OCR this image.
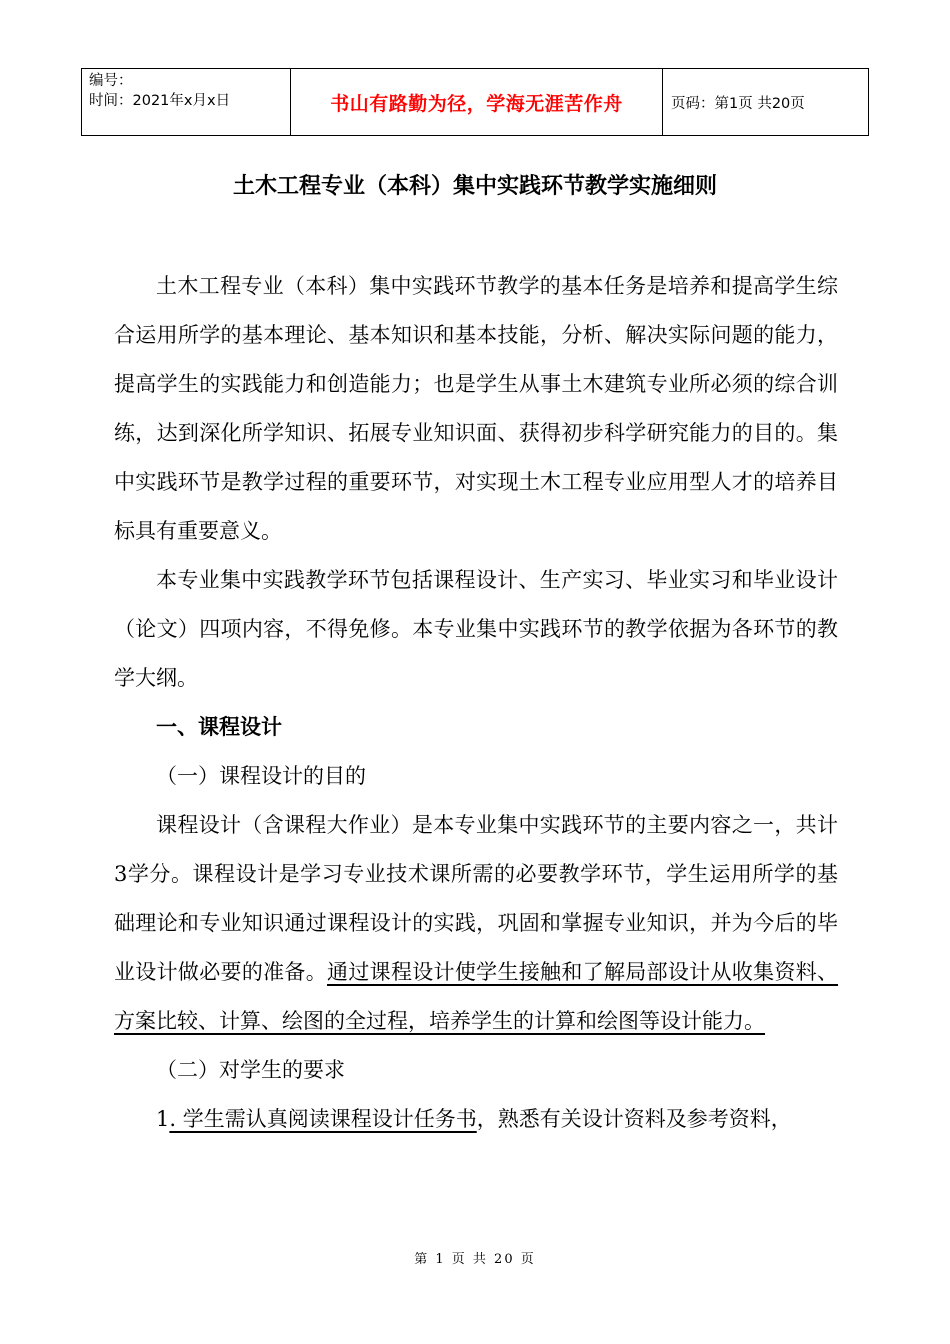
编号：
时间：2021年x月x日	书山有路勤为径，学海无涯苦作舟	页码：第1页 共20页
土木工程专业（本科）集中实践环节教学实施细则

土木工程专业（本科）集中实践环节教学的基本任务是培养和提高学生综合运用所学的基本理论、基本知识和基本技能，分析、解决实际问题的能力，提高学生的实践能力和创造能力；也是学生从事土木建筑专业所必须的综合训练，达到深化所学知识、拓展专业知识面、获得初步科学研究能力的目的。集中实践环节是教学过程的重要环节，对实现土木工程专业应用型人才的培养目标具有重要意义。

本专业集中实践教学环节包括课程设计、生产实习、毕业实习和毕业设计（论文）四项内容，不得免修。本专业集中实践环节的教学依据为各环节的教学大纲。

一、课程设计

（一）课程设计的目的

课程设计（含课程大作业）是本专业集中实践环节的主要内容之一，共计3学分。课程设计是学习专业技术课所需的必要教学环节，学生运用所学的基础理论和专业知识通过课程设计的实践，巩固和掌握专业知识，并为今后的毕业设计做必要的准备。通过课程设计使学生接触和了解局部设计从收集资料、方案比较、计算、绘图的全过程，培养学生的计算和绘图等设计能力。

（二）对学生的要求

1. 学生需认真阅读课程设计任务书，熟悉有关设计资料及参考资料，

第 1 页 共 20 页
